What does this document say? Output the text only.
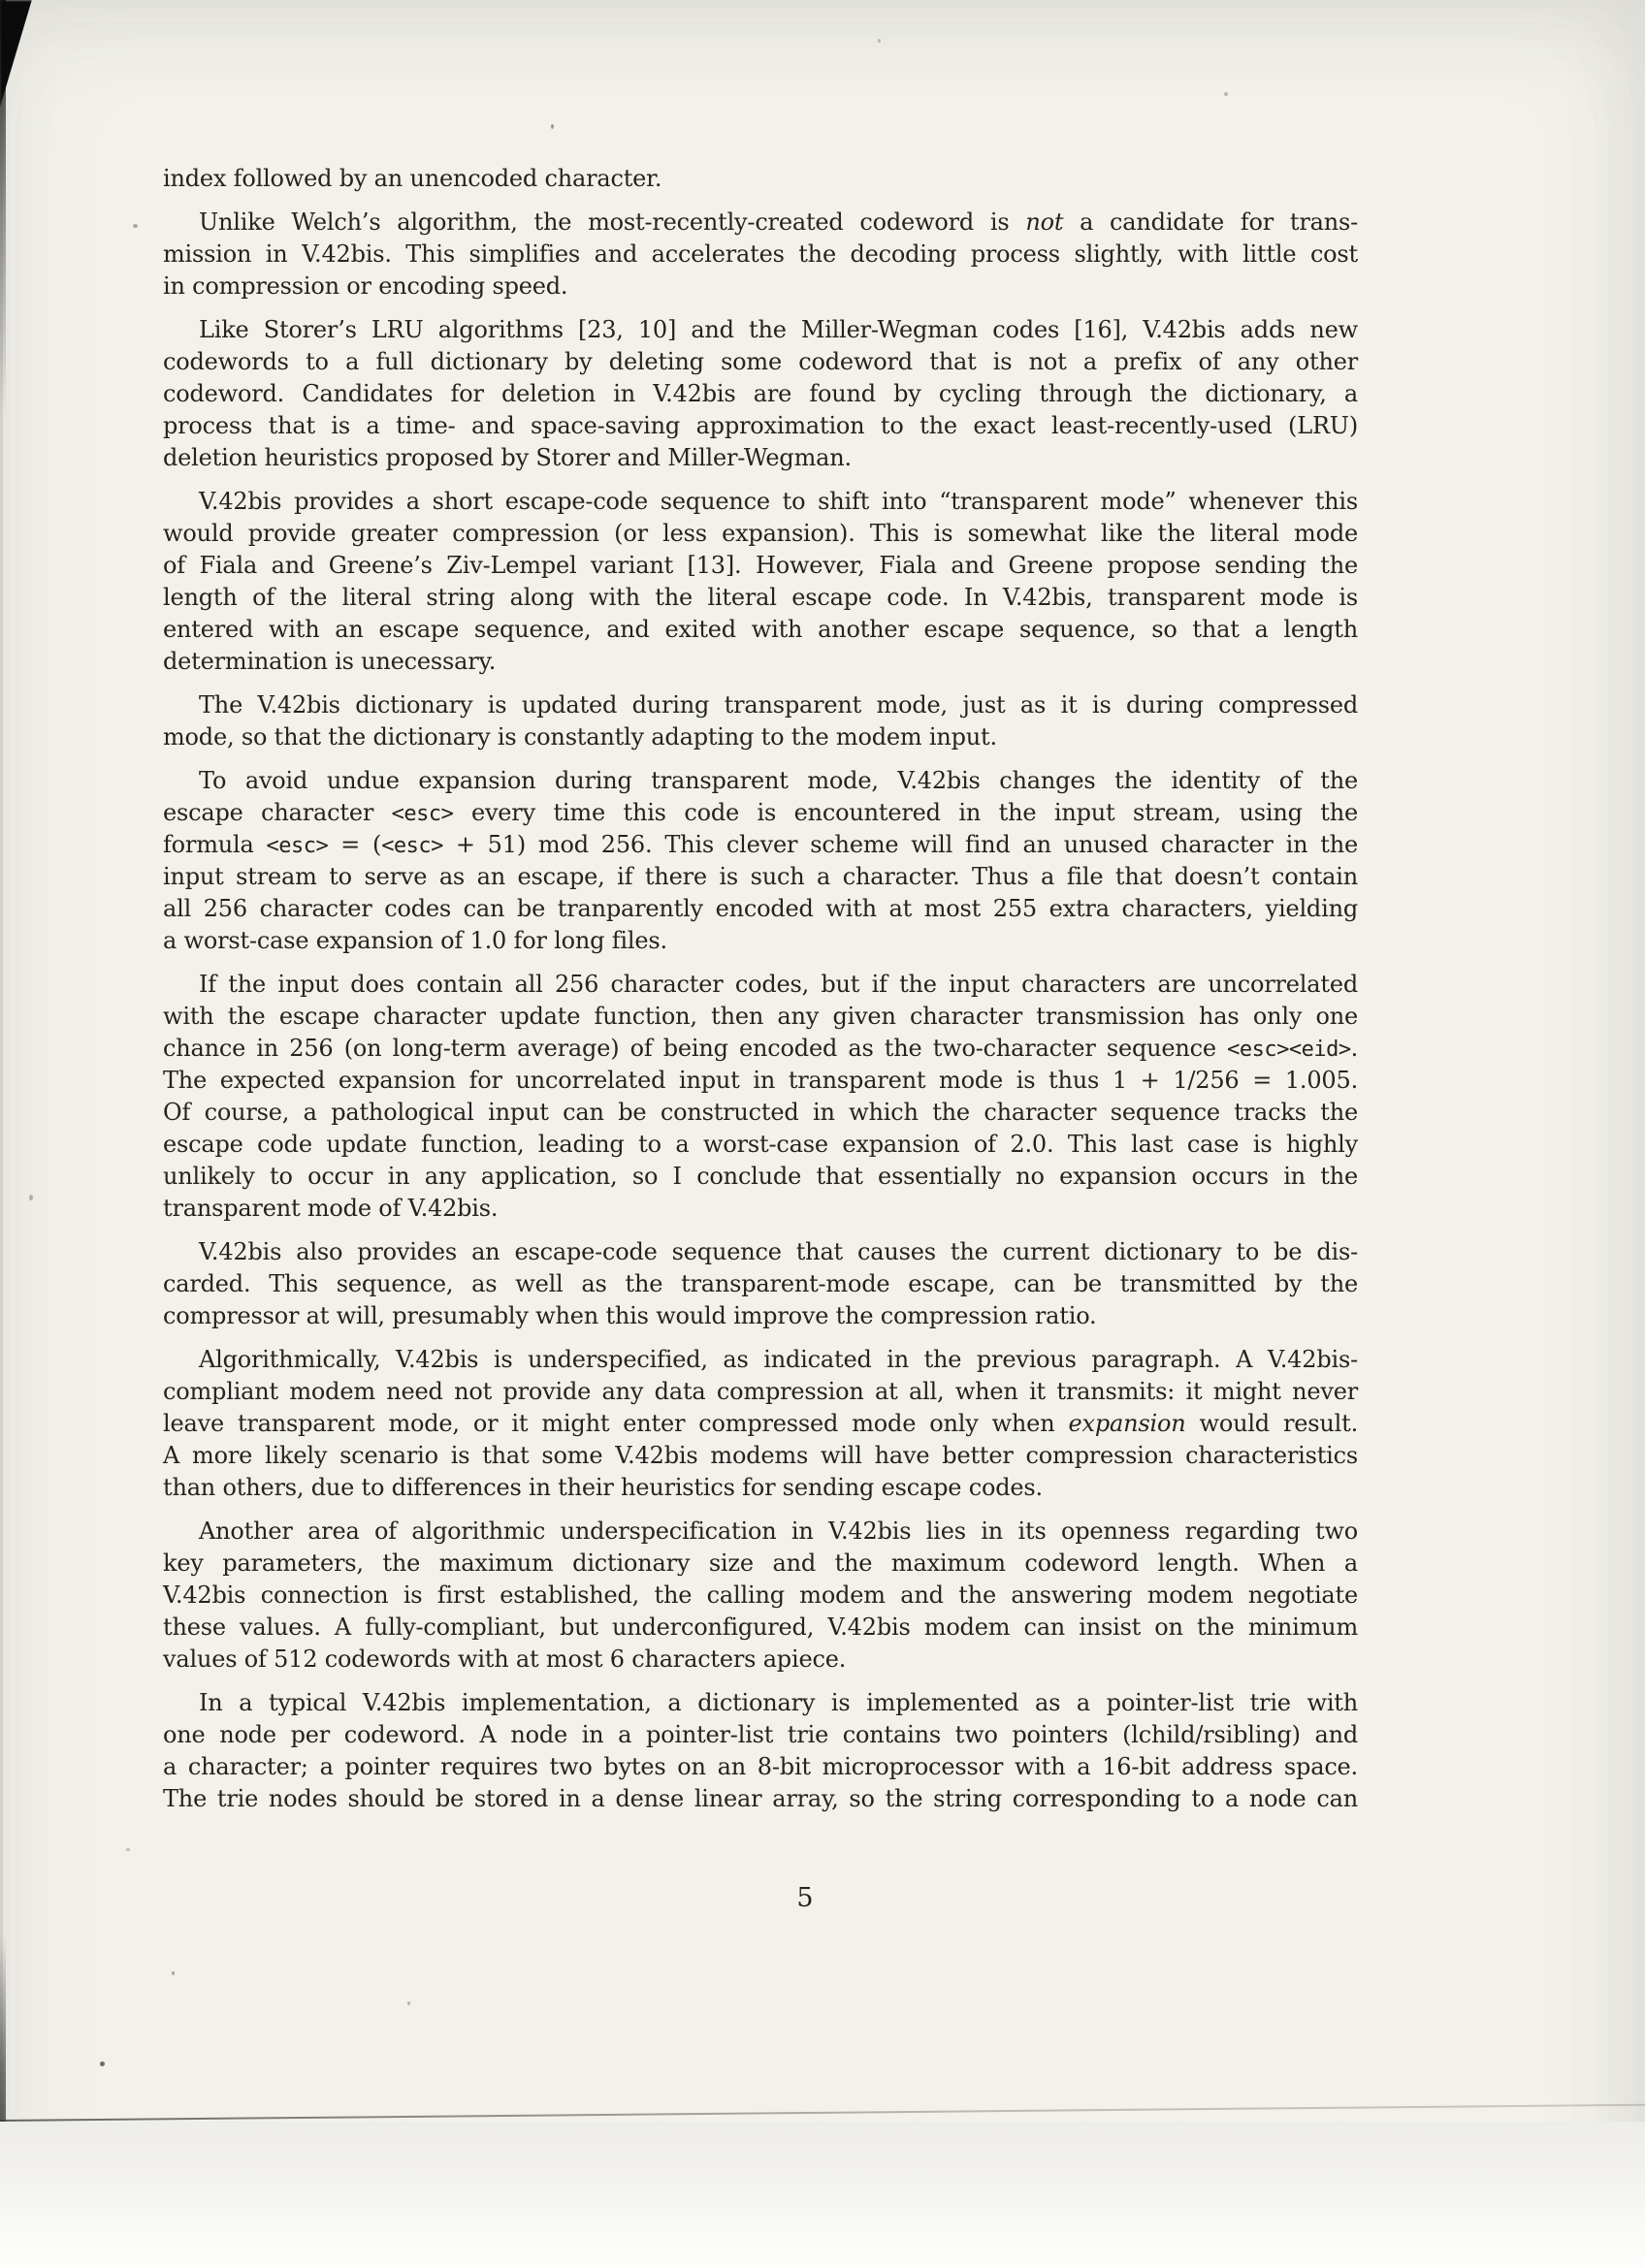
index followed by an unencoded character.

Unlike Welch’s algorithm, the most-recently-created codeword is not a candidate for trans-
mission in V.42bis. This simplifies and accelerates the decoding process slightly, with little cost
in compression or encoding speed.

Like Storer’s LRU algorithms [23, 10] and the Miller-Wegman codes [16], V.42bis adds new
codewords to a full dictionary by deleting some codeword that is not a prefix of any other
codeword. Candidates for deletion in V.42bis are found by cycling through the dictionary, a
process that is a time- and space-saving approximation to the exact least-recently-used (LRU)
deletion heuristics proposed by Storer and Miller-Wegman.

V.42bis provides a short escape-code sequence to shift into “transparent mode” whenever this
would provide greater compression (or less expansion). This is somewhat like the literal mode
of Fiala and Greene’s Ziv-Lempel variant [13]. However, Fiala and Greene propose sending the
length of the literal string along with the literal escape code. In V.42bis, transparent mode is
entered with an escape sequence, and exited with another escape sequence, so that a length
determination is unecessary.

The V.42bis dictionary is updated during transparent mode, just as it is during compressed
mode, so that the dictionary is constantly adapting to the modem input.

To avoid undue expansion during transparent mode, V.42bis changes the identity of the
escape character <esc> every time this code is encountered in the input stream, using the
formula <esc> = (<esc> + 51) mod 256. This clever scheme will find an unused character in the
input stream to serve as an escape, if there is such a character. Thus a file that doesn’t contain
all 256 character codes can be tranparently encoded with at most 255 extra characters, yielding
a worst-case expansion of 1.0 for long files.

If the input does contain all 256 character codes, but if the input characters are uncorrelated
with the escape character update function, then any given character transmission has only one
chance in 256 (on long-term average) of being encoded as the two-character sequence <esc><eid>.
The expected expansion for uncorrelated input in transparent mode is thus 1 + 1/256 = 1.005.
Of course, a pathological input can be constructed in which the character sequence tracks the
escape code update function, leading to a worst-case expansion of 2.0. This last case is highly
unlikely to occur in any application, so I conclude that essentially no expansion occurs in the
transparent mode of V.42bis.

V.42bis also provides an escape-code sequence that causes the current dictionary to be dis-
carded. This sequence, as well as the transparent-mode escape, can be transmitted by the
compressor at will, presumably when this would improve the compression ratio.

Algorithmically, V.42bis is underspecified, as indicated in the previous paragraph. A V.42bis-
compliant modem need not provide any data compression at all, when it transmits: it might never
leave transparent mode, or it might enter compressed mode only when expansion would result.
A more likely scenario is that some V.42bis modems will have better compression characteristics
than others, due to differences in their heuristics for sending escape codes.

Another area of algorithmic underspecification in V.42bis lies in its openness regarding two
key parameters, the maximum dictionary size and the maximum codeword length. When a
V.42bis connection is first established, the calling modem and the answering modem negotiate
these values. A fully-compliant, but underconfigured, V.42bis modem can insist on the minimum
values of 512 codewords with at most 6 characters apiece.

In a typical V.42bis implementation, a dictionary is implemented as a pointer-list trie with
one node per codeword. A node in a pointer-list trie contains two pointers (lchild/rsibling) and
a character; a pointer requires two bytes on an 8-bit microprocessor with a 16-bit address space.
The trie nodes should be stored in a dense linear array, so the string corresponding to a node can

5
